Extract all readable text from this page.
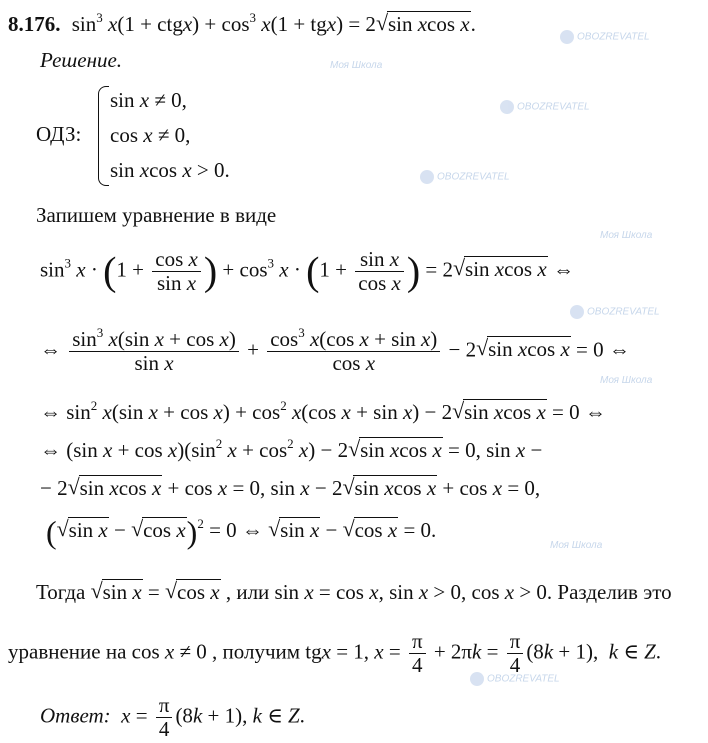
8.176. $\sin^3 x(1$ + ctgx) + $\cos^3 x(1 + tgx) = 2√$ sin xcos x.
Решение.
ОДЗ:
sin x ≠ 0,
cos x ≠ 0,
sin xcos x > 0.
Запишем уравнение в виде
$\sin^3 x \cdot (1 + \frac{\text{cos x}}{\text{sin x}}$ ) + $\cos^3 x \cdot (1 + \frac{\text{sin x}}{\text{cos x}}$ ) = 2√ sin xcos x ⇔
⇔ $\frac{\sin^3 x(\sin x + \cos x)}{\text{sin x}} + \frac{\cos^3 x(\cos x + \sin x)}{\text{cos x}} - 2√$ sin xcos x = 0 ⇔
⇔ $\sin^2 x(\sin$ $x + \cos x) + \cos^2 x(\cos$ x + sin x) − 2√ sin xcos x = 0 ⇔
⇔ (sin $x + \cos x)(\sin^2$ $x + \cos^2 x) - 2√$ sin xcos x = 0, sin x −
− 2√ sin xcos x + cos x = 0, sin x − 2√ sin xcos x + cos x = 0,
(√ sin x − √ cos x)$^2$ = 0 ⇔ √ sin x − √ cos x = 0.
Тогда √ sin x = √ cos x , или sin x = cos x, sin x > 0, cos x > 0. Разделив это
уравнение на cos x ≠ 0 , получим tgx = 1, $x = \frac{\pi}{4} + 2\pi k = \frac{\pi}{4} (8k + 1)$,  k ∈ Z.
Ответ: $x = \frac{\pi}{4} (8k + 1)$, k ∈ Z.
OBOZREVATEL
Моя Школа
OBOZREVATEL
OBOZREVATEL
Моя Школа
OBOZREVATEL
Моя Школа
Моя Школа
OBOZREVATEL
